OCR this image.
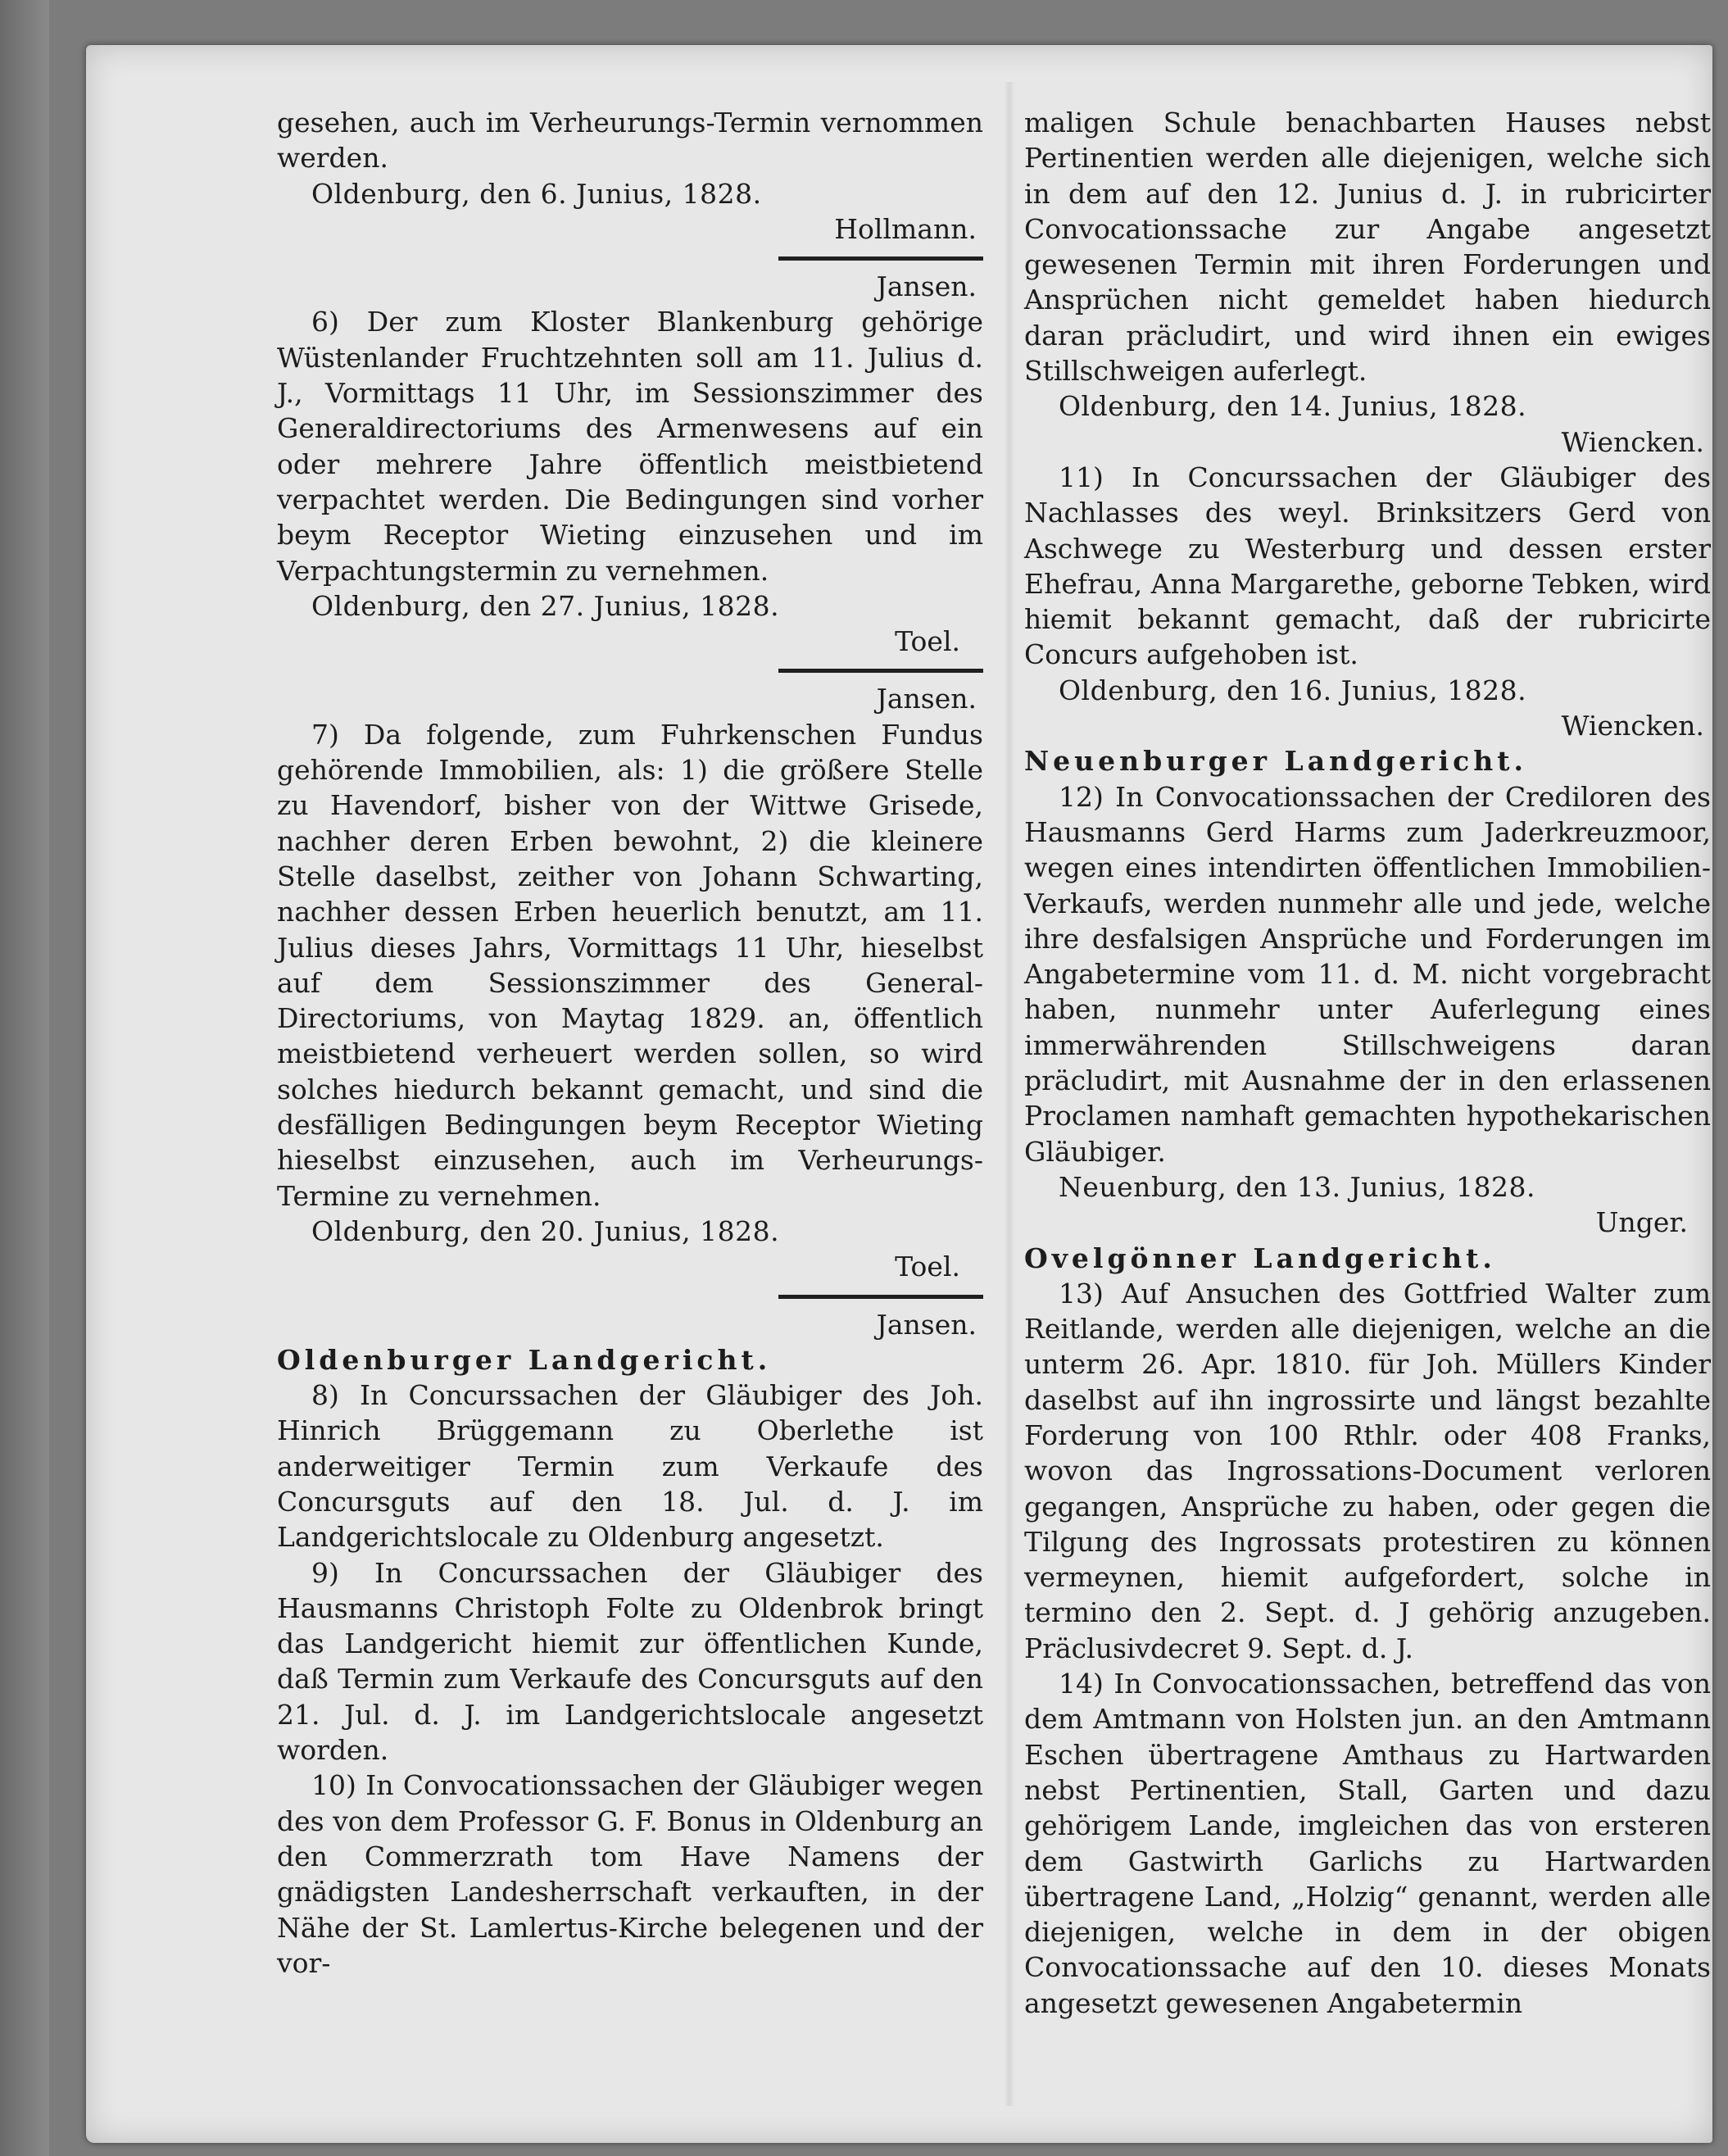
gesehen, auch im Verheurungs-Termin vernommen werden.

Oldenburg, den 6. Junius, 1828.

Hollmann.

Jansen.

6) Der zum Kloster Blankenburg gehörige Wüstenlander Fruchtzehnten soll am 11. Julius d. J., Vormittags 11 Uhr, im Sessionszimmer des Generaldirectoriums des Armenwesens auf ein oder mehrere Jahre öffentlich meistbietend verpachtet werden. Die Bedingungen sind vorher beym Receptor Wieting einzusehen und im Verpachtungstermin zu vernehmen.

Oldenburg, den 27. Junius, 1828.

Toel.

Jansen.

7) Da folgende, zum Fuhrkenschen Fundus gehörende Immobilien, als: 1) die größere Stelle zu Havendorf, bisher von der Wittwe Grisede, nachher deren Erben bewohnt, 2) die kleinere Stelle daselbst, zeither von Johann Schwarting, nachher dessen Erben heuerlich benutzt, am 11. Julius dieses Jahrs, Vormittags 11 Uhr, hieselbst auf dem Sessionszimmer des General-Directoriums, von Maytag 1829. an, öffentlich meistbietend verheuert werden sollen, so wird solches hiedurch bekannt gemacht, und sind die desfälligen Bedingungen beym Receptor Wieting hieselbst einzusehen, auch im Verheurungs-Termine zu vernehmen.

Oldenburg, den 20. Junius, 1828.

Toel.

Jansen.

Oldenburger Landgericht.

8) In Concurssachen der Gläubiger des Joh. Hinrich Brüggemann zu Oberlethe ist anderweitiger Termin zum Verkaufe des Concursguts auf den 18. Jul. d. J. im Landgerichtslocale zu Oldenburg angesetzt.

9) In Concurssachen der Gläubiger des Hausmanns Christoph Folte zu Oldenbrok bringt das Landgericht hiemit zur öffentlichen Kunde, daß Termin zum Verkaufe des Concursguts auf den 21. Jul. d. J. im Landgerichtslocale angesetzt worden.

10) In Convocationssachen der Gläubiger wegen des von dem Professor G. F. Bonus in Oldenburg an den Commerzrath tom Have Namens der gnädigsten Landesherrschaft verkauften, in der Nähe der St. Lamlertus-Kirche belegenen und der vor-

maligen Schule benachbarten Hauses nebst Pertinentien werden alle diejenigen, welche sich in dem auf den 12. Junius d. J. in rubricirter Convocationssache zur Angabe angesetzt gewesenen Termin mit ihren Forderungen und Ansprüchen nicht gemeldet haben hiedurch daran präcludirt, und wird ihnen ein ewiges Stillschweigen auferlegt.

Oldenburg, den 14. Junius, 1828.

Wiencken.

11) In Concurssachen der Gläubiger des Nachlasses des weyl. Brinksitzers Gerd von Aschwege zu Westerburg und dessen erster Ehefrau, Anna Margarethe, geborne Tebken, wird hiemit bekannt gemacht, daß der rubricirte Concurs aufgehoben ist.

Oldenburg, den 16. Junius, 1828.

Wiencken.

Neuenburger Landgericht.

12) In Convocationssachen der Crediloren des Hausmanns Gerd Harms zum Jaderkreuzmoor, wegen eines intendirten öffentlichen Immobilien-Verkaufs, werden nunmehr alle und jede, welche ihre desfalsigen Ansprüche und Forderungen im Angabetermine vom 11. d. M. nicht vorgebracht haben, nunmehr unter Auferlegung eines immerwährenden Stillschweigens daran präcludirt, mit Ausnahme der in den erlassenen Proclamen namhaft gemachten hypothekarischen Gläubiger.

Neuenburg, den 13. Junius, 1828.

Unger.

Ovelgönner Landgericht.

13) Auf Ansuchen des Gottfried Walter zum Reitlande, werden alle diejenigen, welche an die unterm 26. Apr. 1810. für Joh. Müllers Kinder daselbst auf ihn ingrossirte und längst bezahlte Forderung von 100 Rthlr. oder 408 Franks, wovon das Ingrossations-Document verloren gegangen, Ansprüche zu haben, oder gegen die Tilgung des Ingrossats protestiren zu können vermeynen, hiemit aufgefordert, solche in termino den 2. Sept. d. J gehörig anzugeben. Präclusivdecret 9. Sept. d. J.

14) In Convocationssachen, betreffend das von dem Amtmann von Holsten jun. an den Amtmann Eschen übertragene Amthaus zu Hartwarden nebst Pertinentien, Stall, Garten und dazu gehörigem Lande, imgleichen das von ersteren dem Gastwirth Garlichs zu Hartwarden übertragene Land, „Holzig“ genannt, werden alle diejenigen, welche in dem in der obigen Convocationssache auf den 10. dieses Monats angesetzt gewesenen Angabetermin
